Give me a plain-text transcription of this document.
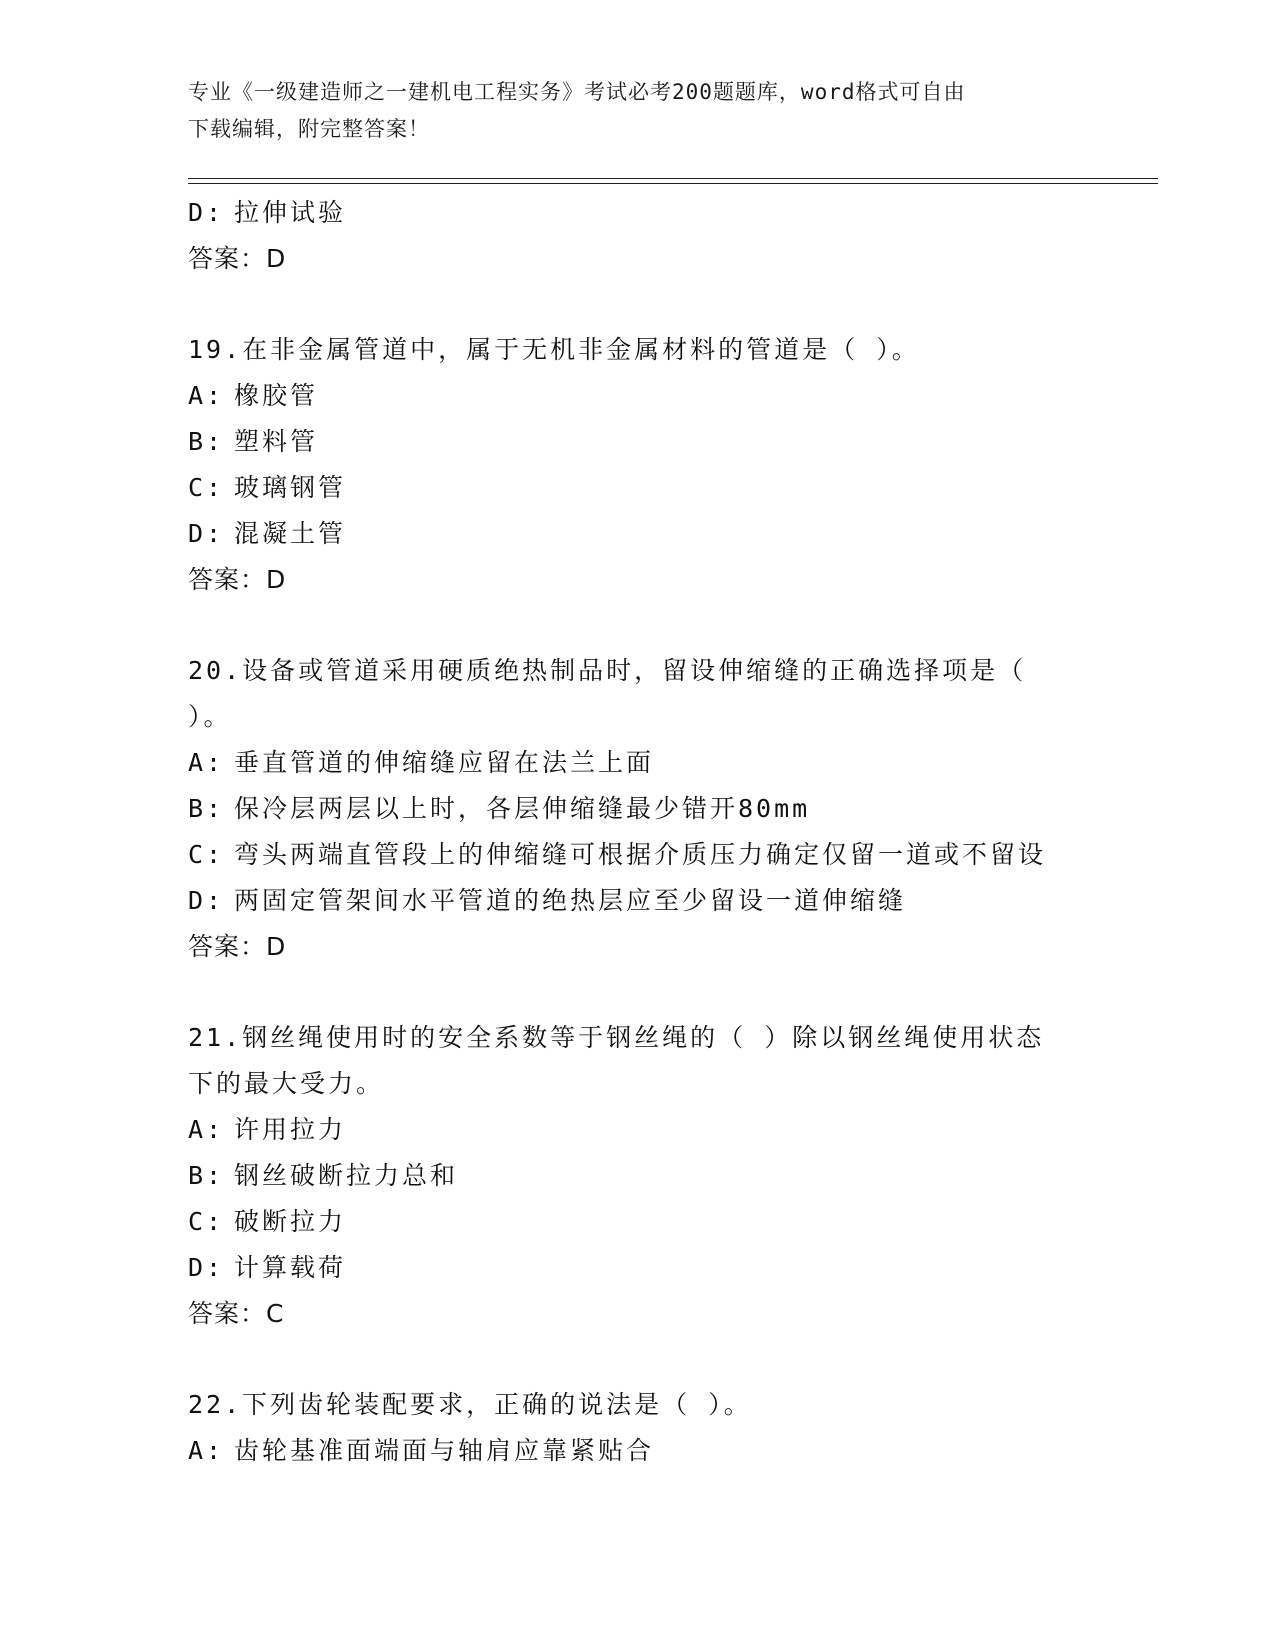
专业《一级建造师之一建机电工程实务》考试必考200题题库，word格式可自由
下载编辑，附完整答案！
D: 拉伸试验
答案：D
19.在非金属管道中，属于无机非金属材料的管道是（ ）。
A: 橡胶管
B: 塑料管
C: 玻璃钢管
D: 混凝土管
答案：D
20.设备或管道采用硬质绝热制品时，留设伸缩缝的正确选择项是（
）。
A: 垂直管道的伸缩缝应留在法兰上面
B: 保冷层两层以上时，各层伸缩缝最少错开80mm
C: 弯头两端直管段上的伸缩缝可根据介质压力确定仅留一道或不留设
D: 两固定管架间水平管道的绝热层应至少留设一道伸缩缝
答案：D
21.钢丝绳使用时的安全系数等于钢丝绳的（ ）除以钢丝绳使用状态
下的最大受力。
A: 许用拉力
B: 钢丝破断拉力总和
C: 破断拉力
D: 计算载荷
答案：C
22.下列齿轮装配要求，正确的说法是（ ）。
A: 齿轮基准面端面与轴肩应靠紧贴合
